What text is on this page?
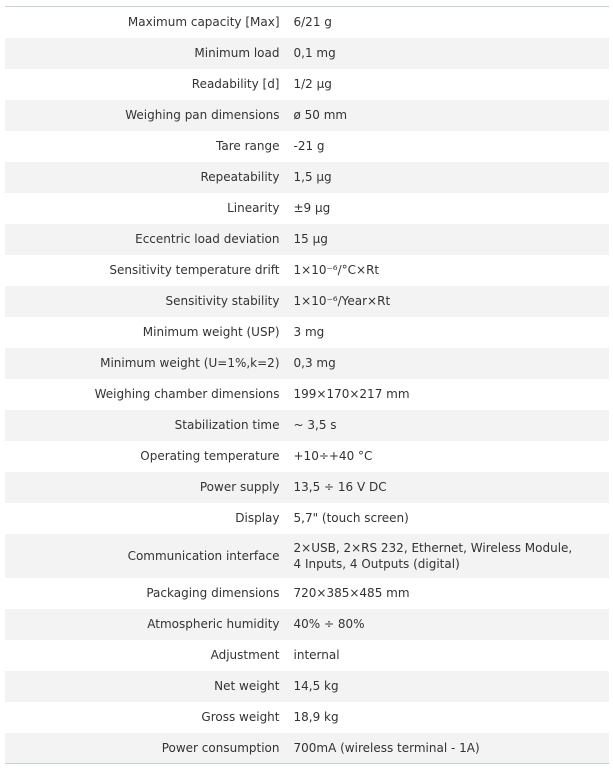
Maximum capacity [Max]	6/21 g
Minimum load	0,1 mg
Readability [d]	1/2 μg
Weighing pan dimensions	ø 50 mm
Tare range	-21 g
Repeatability	1,5 μg
Linearity	±9 μg
Eccentric load deviation	15 μg
Sensitivity temperature drift	1×10⁻⁶/°C×Rt
Sensitivity stability	1×10⁻⁶/Year×Rt
Minimum weight (USP)	3 mg
Minimum weight (U=1%,k=2)	0,3 mg
Weighing chamber dimensions	199×170×217 mm
Stabilization time	~ 3,5 s
Operating temperature	+10÷+40 °C
Power supply	13,5 ÷ 16 V DC
Display	5,7" (touch screen)
Communication interface	2×USB, 2×RS 232, Ethernet, Wireless Module, 4 Inputs, 4 Outputs (digital)
Packaging dimensions	720×385×485 mm
Atmospheric humidity	40% ÷ 80%
Adjustment	internal
Net weight	14,5 kg
Gross weight	18,9 kg
Power consumption	700mA (wireless terminal - 1A)
